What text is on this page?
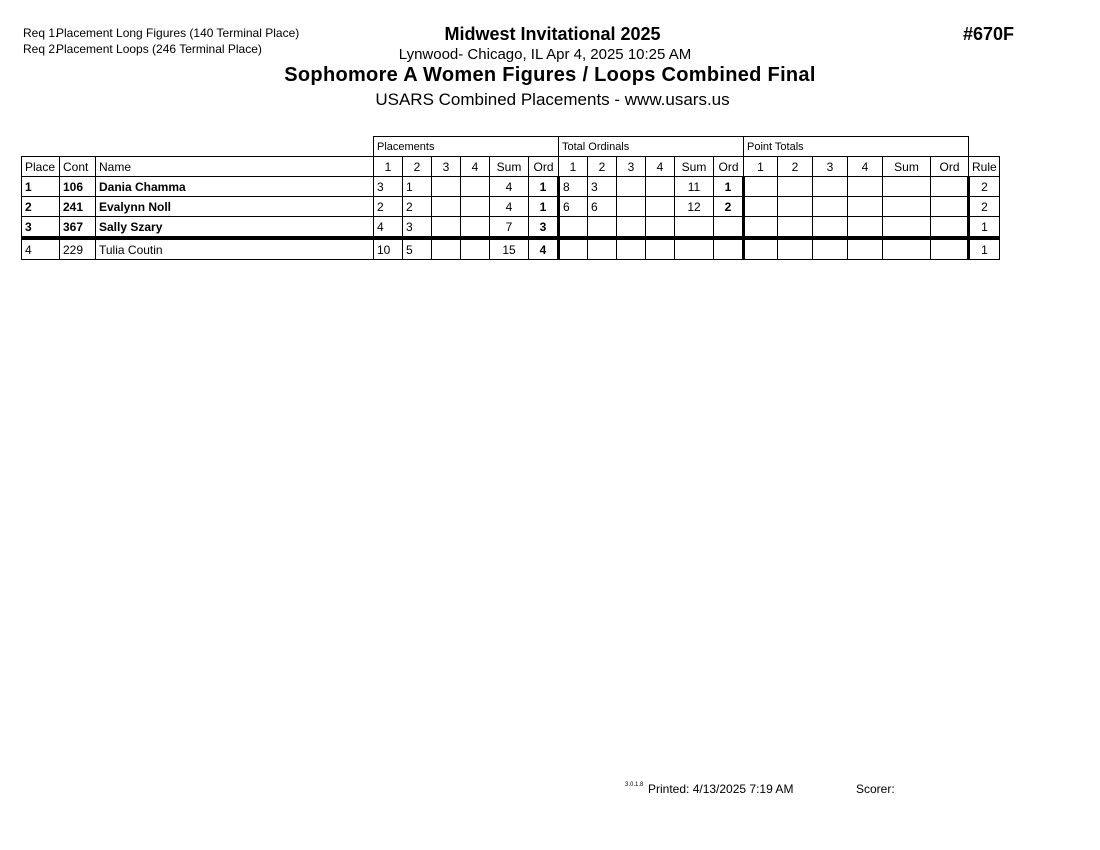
Req 1.Placement Long Figures (140 Terminal Place)
Req 2.Placement Loops (246 Terminal Place)
Midwest Invitational 2025
Lynwood- Chicago, IL Apr 4, 2025 10:25 AM
#670F
Sophomore A Women Figures / Loops Combined Final
USARS Combined Placements - www.usars.us
			Placements						Total Ordinals						Point Totals						
Place	Cont	Name	1	2	3	4	Sum	Ord	1	2	3	4	Sum	Ord	1	2	3	4	Sum	Ord	Rule
1	106	Dania Chamma	3	1			4	1	8	3			11	1							2
2	241	Evalynn Noll	2	2			4	1	6	6			12	2							2
3	367	Sally Szary	4	3			7	3													1
4	229	Tulia Coutin	10	5			15	4													1
3.0.1.8 Printed: 4/13/2025 7:19 AM	Scorer:
